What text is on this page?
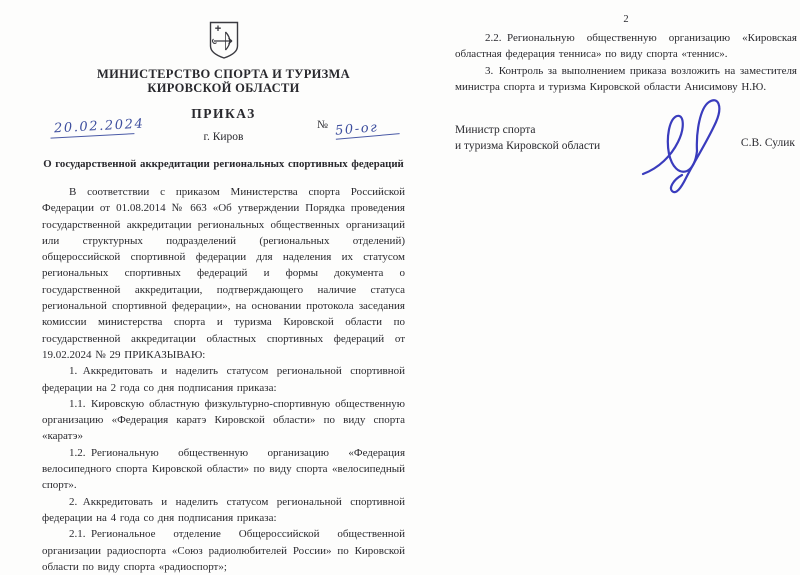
МИНИСТЕРСТВО СПОРТА И ТУРИЗМА
КИРОВСКОЙ ОБЛАСТИ
ПРИКАЗ
20.02.2024	№ 50-ог
г. Киров
О государственной аккредитации региональных спортивных федераций

В соответствии с приказом Министерства спорта Российской Федерации от 01.08.2014 № 663 «Об утверждении Порядка проведения государственной аккредитации региональных общественных организаций или структурных подразделений (региональных отделений) общероссийской спортивной федерации для наделения их статусом региональных спортивных федераций и формы документа о государственной аккредитации, подтверждающего наличие статуса региональной спортивной федерации», на основании протокола заседания комиссии министерства спорта и туризма Кировской области по государственной аккредитации областных спортивных федераций от 19.02.2024 № 29 ПРИКАЗЫВАЮ:

1. Аккредитовать и наделить статусом региональной спортивной федерации на 2 года со дня подписания приказа:

1.1. Кировскую областную физкультурно-спортивную общественную организацию «Федерация каратэ Кировской области» по виду спорта «каратэ»

1.2. Региональную общественную организацию «Федерация велосипедного спорта Кировской области» по виду спорта «велосипедный спорт».

2. Аккредитовать и наделить статусом региональной спортивной федерации на 4 года со дня подписания приказа:

2.1. Региональное отделение Общероссийской общественной организации радиоспорта «Союз радиолюбителей России» по Кировской области по виду спорта «радиоспорт»;

2

2.2. Региональную общественную организацию «Кировская областная федерация тенниса» по виду спорта «теннис».

3. Контроль за выполнением приказа возложить на заместителя министра спорта и туризма Кировской области Анисимову Н.Ю.

Министр спорта
и туризма Кировской области	С.В. Сулик
